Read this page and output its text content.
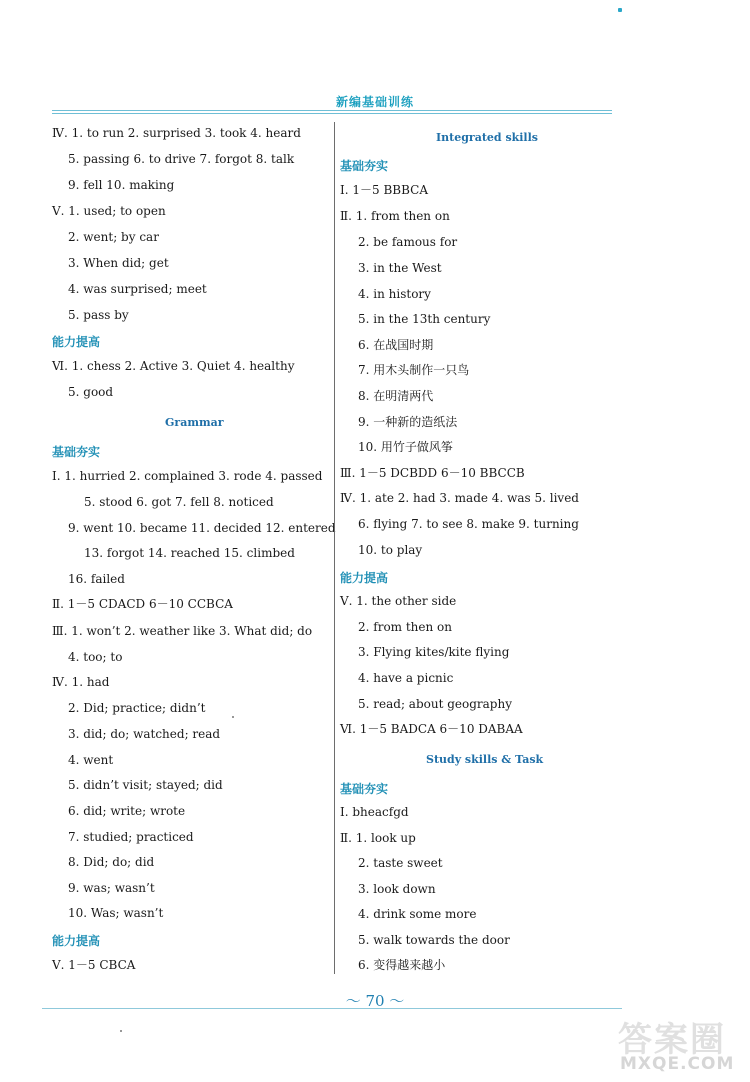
新编基础训练
Ⅳ. 1. to run 2. surprised 3. took 4. heard
5. passing 6. to drive 7. forgot 8. talk
9. fell 10. making
Ⅴ. 1. used; to open
2. went; by car
3. When did; get
4. was surprised; meet
5. pass by
能力提高
Ⅵ. 1. chess 2. Active 3. Quiet 4. healthy
5. good
Grammar
基础夯实
Ⅰ. 1. hurried 2. complained 3. rode 4. passed
5. stood 6. got 7. fell 8. noticed
9. went 10. became 11. decided 12. entered
13. forgot 14. reached 15. climbed
16. failed
Ⅱ. 1－5 CDACD 6－10 CCBCA
Ⅲ. 1. won’t 2. weather like 3. What did; do
4. too; to
Ⅳ. 1. had
2. Did; practice; didn’t
3. did; do; watched; read
4. went
5. didn’t visit; stayed; did
6. did; write; wrote
7. studied; practiced
8. Did; do; did
9. was; wasn’t
10. Was; wasn’t
能力提高
Ⅴ. 1－5 CBCA
Integrated skills
基础夯实
Ⅰ. 1－5 BBBCA
Ⅱ. 1. from then on
2. be famous for
3. in the West
4. in history
5. in the 13th century
6. 在战国时期
7. 用木头制作一只鸟
8. 在明清两代
9. 一种新的造纸法
10. 用竹子做风筝
Ⅲ. 1－5 DCBDD 6－10 BBCCB
Ⅳ. 1. ate 2. had 3. made 4. was 5. lived
6. flying 7. to see 8. make 9. turning
10. to play
能力提高
Ⅴ. 1. the other side
2. from then on
3. Flying kites/kite flying
4. have a picnic
5. read; about geography
Ⅵ. 1－5 BADCA 6－10 DABAA
Study skills & Task
基础夯实
Ⅰ. bheacfgd
Ⅱ. 1. look up
2. taste sweet
3. look down
4. drink some more
5. walk towards the door
6. 变得越来越小
～ 70 ～
答案圈
MXQE.COM
